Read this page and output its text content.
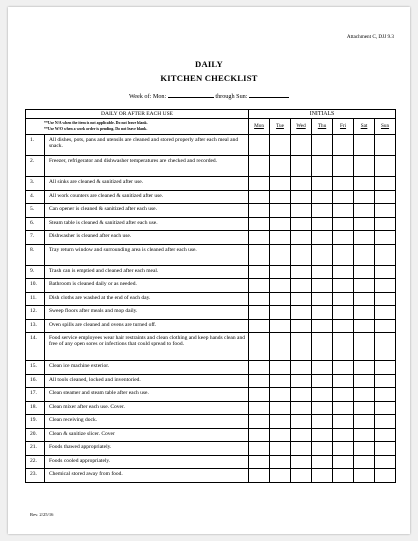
Attachment C, DJJ 9.3
DAILY
KITCHEN CHECKLIST
Week of: Mon:	through Sun:
DAILY OR AFTER EACH USE		INITIALS						

**Use N/A when the item is not applicable. Do not leave blank.
**Use W/O when a work order is pending. Do not leave blank.		Mon	Tue	Wed	Thu	Fri	Sat	Sun
1.	All dishes, pots, pans and utensils are cleaned and stored properly after each meal and snack.							
2.	Freezer, refrigerator and dishwasher temperatures are checked and recorded.							
3.	All sinks are cleaned & sanitized after use.							
4.	All work counters are cleaned & sanitized after use.							
5.	Can opener is cleaned & sanitized after each use.							
6.	Steam table is cleaned & sanitized after each use.							
7.	Dishwasher is cleaned after each use.							
8.	Tray return window and surrounding area is cleaned after each use.							
9.	Trash can is emptied and cleaned after each meal.							
10.	Bathroom is cleaned daily or as needed.							
11.	Dish cloths are washed at the end of each day.							
12.	Sweep floors after meals and mop daily.							
13.	Oven spills are cleaned and ovens are turned off.							
14.	Food service employees wear hair restraints and clean clothing and keep hands clean and free of any open sores or infections that could spread to food.							
15.	Clean ice machine exterior.							
16.	All tools cleaned, locked and inventoried.							
17.	Clean steamer and steam table after each use.							
18.	Clean mixer after each use. Cover.							
19.	Clean receiving dock.							
20.	Clean & sanitize slicer. Cover							
21.	Foods thawed appropriately.							
22.	Foods cooled appropriately.							
23.	Chemical stored away from food.							
Rev. 2/25/16
